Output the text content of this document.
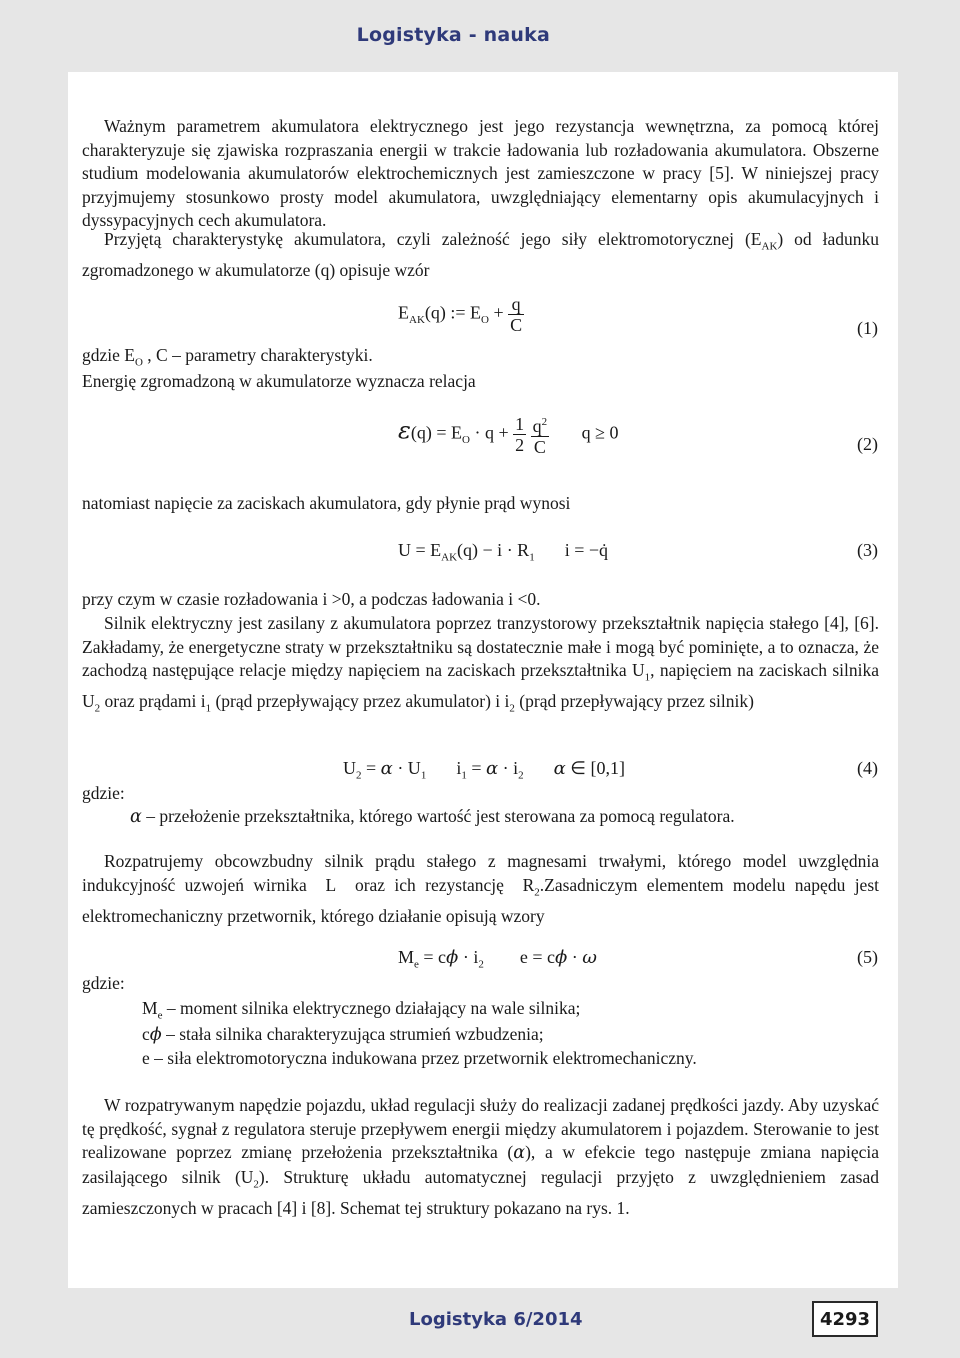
Logistyka - nauka
Ważnym parametrem akumulatora elektrycznego jest jego rezystancja wewnętrzna, za pomocą której charakteryzuje się zjawiska rozpraszania energii w trakcie ładowania lub rozładowania akumulatora. Obszerne studium modelowania akumulatorów elektrochemicznych jest zamieszczone w pracy [5]. W niniejszej pracy przyjmujemy stosunkowo prosty model akumulatora, uwzględniający elementarny opis akumulacyjnych i dyssypacyjnych cech akumulatora.
Przyjętą charakterystykę akumulatora, czyli zależność jego siły elektromotorycznej $(E_{AK})$ od ładunku zgromadzonego w akumulatorze (q) opisuje wzór
$E_{AK}(q)$ := $E_O + \frac{q}{C}$	(1)
gdzie $E_O$ , C – parametry charakterystyki.
Energię zgromadzoną w akumulatorze wyznacza relacja
$\varepsilon(q) = E_O \cdot q + \frac{1}{2}$
$\frac{q^2}{C}$ q ≥ 0
(2)
natomiast napięcie za zaciskach akumulatora, gdy płynie prąd wynosi
$U = E_{AK}(q) - i \cdot R_1$ i = −q̇	(3)
przy czym w czasie rozładowania i >0, a podczas ładowania i <0.
Silnik elektryczny jest zasilany z akumulatora poprzez tranzystorowy przekształtnik napięcia stałego [4], [6]. Zakładamy, że energetyczne straty w przekształtniku są dostatecznie małe i mogą być pominięte, a to oznacza, że zachodzą następujące relacje między napięciem na zaciskach przekształtnika $U_1$, napięciem na zaciskach silnika $U_2$ oraz prądami $i_1$ (prąd przepływający przez akumulator) i $i_2$ (prąd przepływający przez silnik)
$U_2 = \alpha \cdot U_1$ $i_1 = \alpha \cdot i_2$ α ∈ [0,1]	(4)
gdzie:
α – przełożenie przekształtnika, którego wartość jest sterowana za pomocą regulatora.
Rozpatrujemy obcowzbudny silnik prądu stałego z magnesami trwałymi, którego model uwzględnia indukcyjność uzwojeń wirnika  L  oraz ich rezystancję  $R_2.Zasadniczym$ elementem modelu napędu jest elektromechaniczny przetwornik, którego działanie opisują wzory
$M_e = c\phi \cdot i_2$ e = cϕ · ω	(5)
gdzie:
$M_e$ – moment silnika elektrycznego działający na wale silnika;
cϕ – stała silnika charakteryzująca strumień wzbudzenia;
e – siła elektromotoryczna indukowana przez przetwornik elektromechaniczny.
W rozpatrywanym napędzie pojazdu, układ regulacji służy do realizacji zadanej prędkości jazdy. Aby uzyskać tę prędkość, sygnał z regulatora steruje przepływem energii między akumulatorem i pojazdem. Sterowanie to jest realizowane poprzez zmianę przełożenia przekształtnika (α), a w efekcie tego następuje zmiana napięcia zasilającego silnik $(U_2)$. Strukturę układu automatycznej regulacji przyjęto z uwzględnieniem zasad zamieszczonych w pracach [4] i [8]. Schemat tej struktury pokazano na rys. 1.
Logistyka 6/2014	4293
